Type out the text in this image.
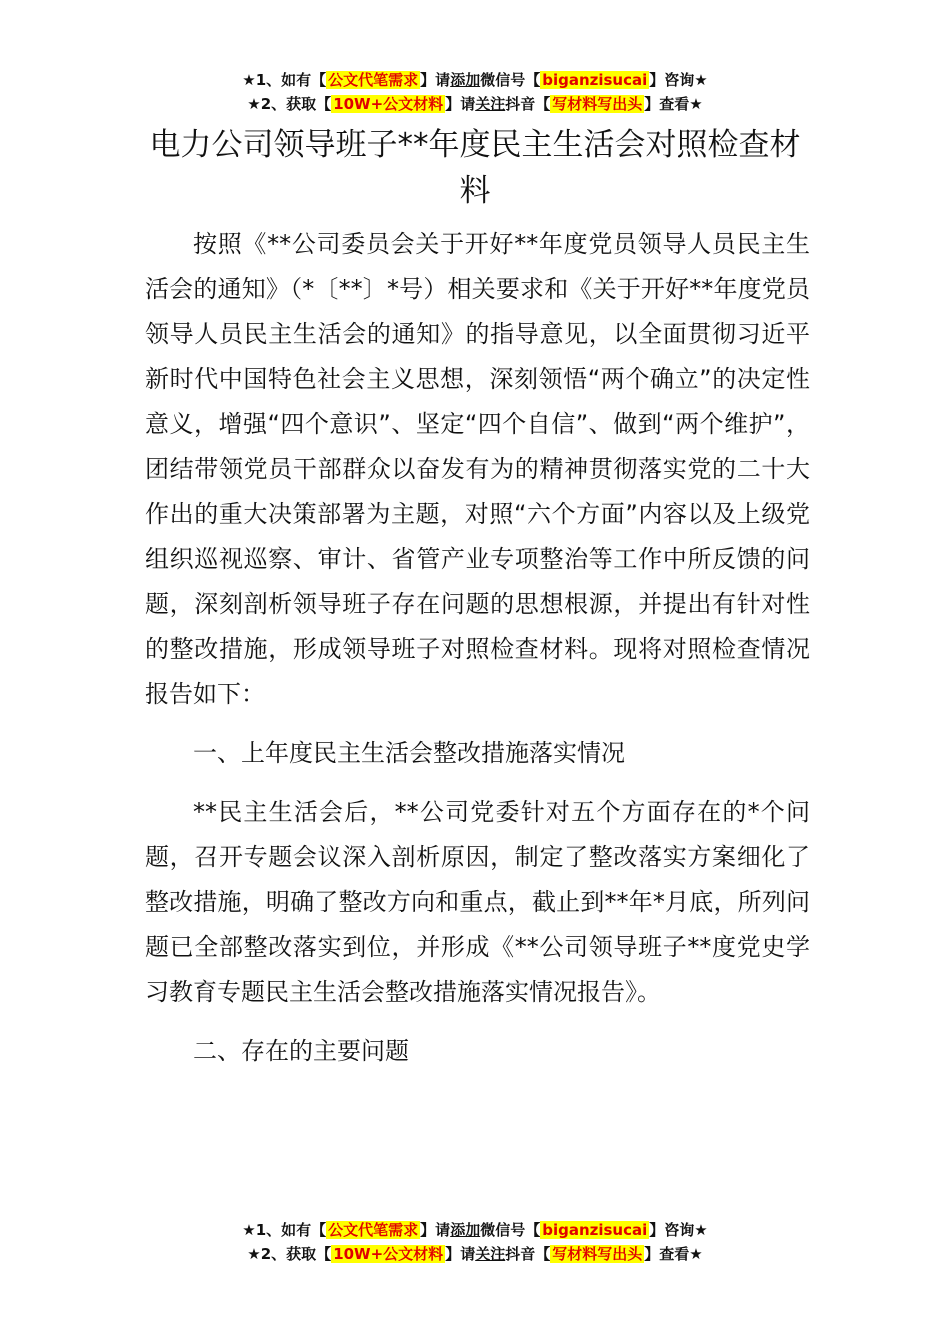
★1、如有【 公文代笔需求 】请添加微信号【 biganzisucai 】咨询★
★2、获取【 10W+公文材料 】请关注抖音【 写材料写出头 】查看★
电力公司领导班子**年度民主生活会对照检查材料

按照《**公司委员会关于开好**年度党员领导人员民主生活会的通知》（*〔**〕*号）相关要求和《关于开好**年度党员领导人员民主生活会的通知》的指导意见，以全面贯彻习近平新时代中国特色社会主义思想，深刻领悟“两个确立”的决定性意义，增强“四个意识”、坚定“四个自信”、做到“两个维护”，团结带领党员干部群众以奋发有为的精神贯彻落实党的二十大作出的重大决策部署为主题，对照“六个方面”内容以及上级党组织巡视巡察、审计、省管产业专项整治等工作中所反馈的问题，深刻剖析领导班子存在问题的思想根源，并提出有针对性的整改措施，形成领导班子对照检查材料。现将对照检查情况报告如下：

一、上年度民主生活会整改措施落实情况

**民主生活会后，**公司党委针对五个方面存在的*个问题，召开专题会议深入剖析原因，制定了整改落实方案细化了整改措施，明确了整改方向和重点，截止到**年*月底，所列问题已全部整改落实到位，并形成《**公司领导班子**度党史学习教育专题民主生活会整改措施落实情况报告》。

二、存在的主要问题

★1、如有【 公文代笔需求 】请添加微信号【 biganzisucai 】咨询★
★2、获取【 10W+公文材料 】请关注抖音【 写材料写出头 】查看★
